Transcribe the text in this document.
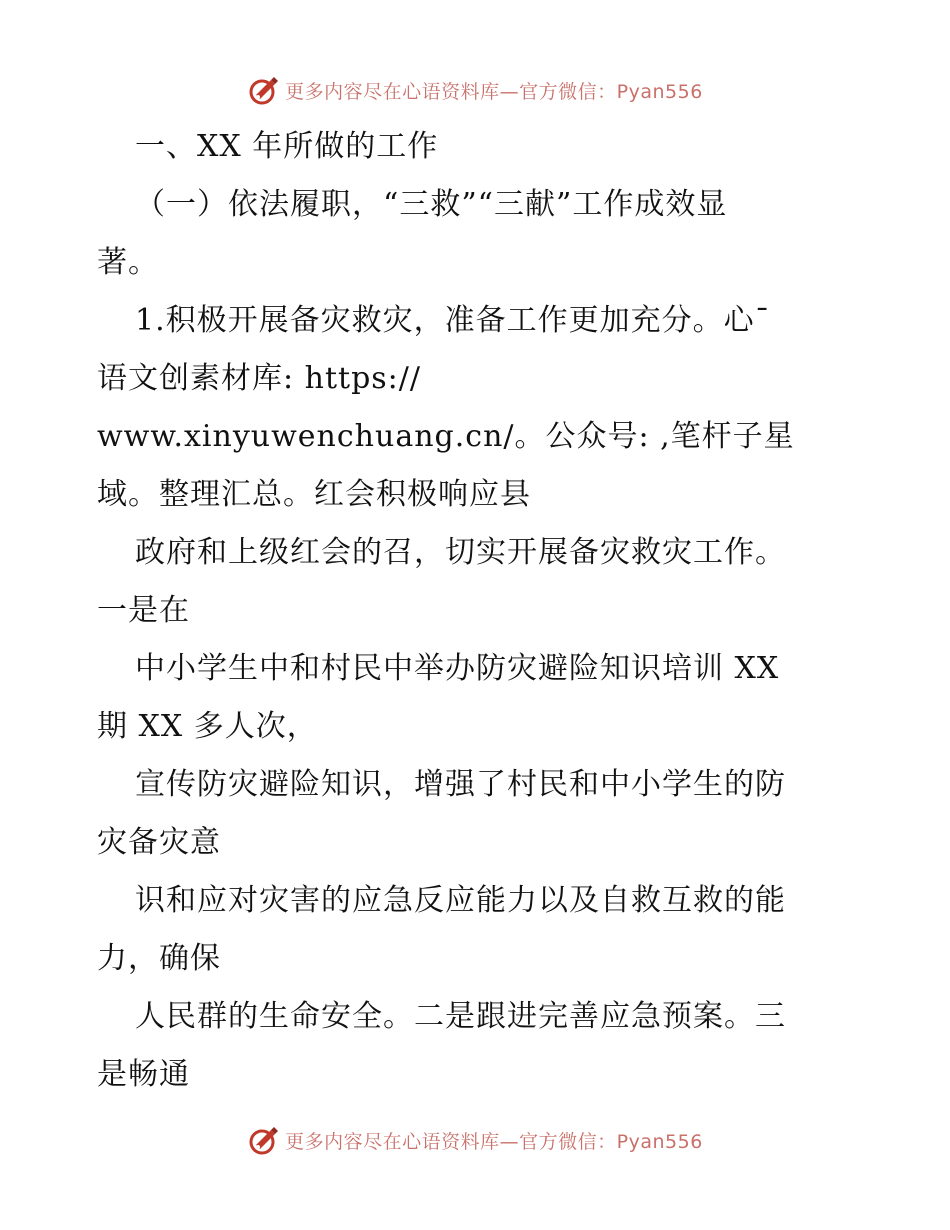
更多内容尽在心语资料库—官方微信：Pyan556
一、XX 年所做的工作
（一）依法履职，“三救”“三献”工作成效显
著。
1.积极开展备灾救灾，准备工作更加充分。心¯
语文创素材库: https://
www.xinyuwenchuang.cn/。公众号: ,笔杆子星
域。整理汇总。红会积极响应县
政府和上级红会的召，切实开展备灾救灾工作。
一是在
中小学生中和村民中举办防灾避险知识培训 XX
期 XX 多人次，
宣传防灾避险知识，增强了村民和中小学生的防
灾备灾意
识和应对灾害的应急反应能力以及自救互救的能
力，确保
人民群的生命安全。二是跟进完善应急预案。三
是畅通
更多内容尽在心语资料库—官方微信：Pyan556
